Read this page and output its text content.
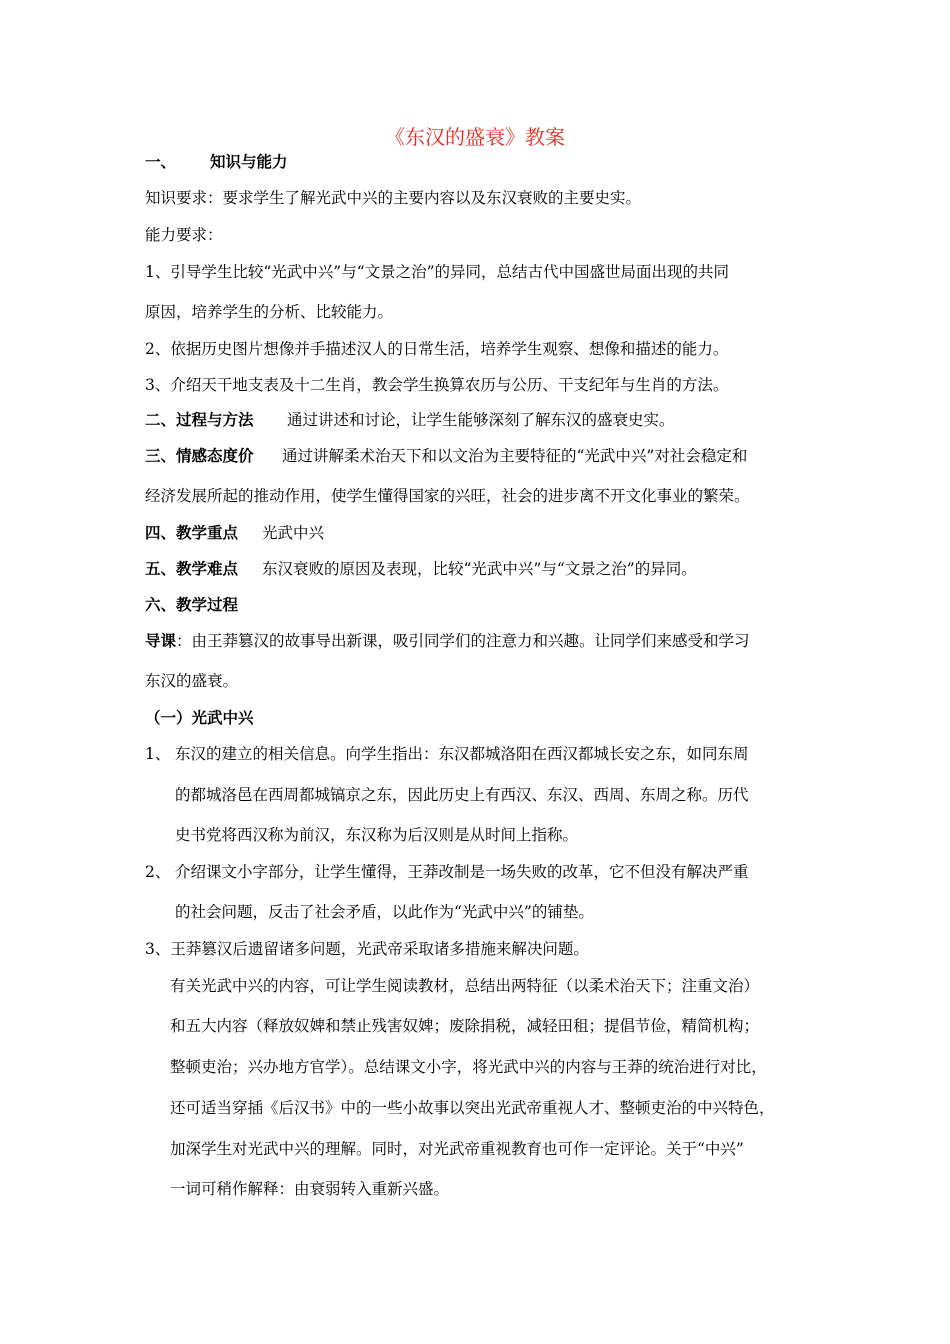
《东汉的盛衰》教案
一、 知识与能力
知识要求：要求学生了解光武中兴的主要内容以及东汉衰败的主要史实。
能力要求：
1、引导学生比较“光武中兴”与“文景之治”的异同，总结古代中国盛世局面出现的共同
原因，培养学生的分析、比较能力。
2、依据历史图片想像并手描述汉人的日常生活，培养学生观察、想像和描述的能力。
3、介绍天干地支表及十二生肖，教会学生换算农历与公历、干支纪年与生肖的方法。
二、过程与方法 通过讲述和讨论，让学生能够深刻了解东汉的盛衰史实。
三、情感态度价 通过讲解柔术治天下和以文治为主要特征的“光武中兴”对社会稳定和
经济发展所起的推动作用，使学生懂得国家的兴旺，社会的进步离不开文化事业的繁荣。
四、教学重点 光武中兴
五、教学难点 东汉衰败的原因及表现，比较“光武中兴”与“文景之治”的异同。
六、教学过程
导课：由王莽篡汉的故事导出新课，吸引同学们的注意力和兴趣。让同学们来感受和学习
东汉的盛衰。
（一）光武中兴
1、 东汉的建立的相关信息。向学生指出：东汉都城洛阳在西汉都城长安之东，如同东周
的都城洛邑在西周都城镐京之东，因此历史上有西汉、东汉、西周、东周之称。历代
史书党将西汉称为前汉，东汉称为后汉则是从时间上指称。
2、 介绍课文小字部分，让学生懂得，王莽改制是一场失败的改革，它不但没有解决严重
的社会问题，反击了社会矛盾，以此作为“光武中兴”的铺垫。
3、王莽篡汉后遗留诸多问题，光武帝采取诸多措施来解决问题。
有关光武中兴的内容，可让学生阅读教材，总结出两特征（以柔术治天下；注重文治）
和五大内容（释放奴婢和禁止残害奴婢；废除捐税，减轻田租；提倡节俭，精简机构；
整顿吏治；兴办地方官学）。总结课文小字，将光武中兴的内容与王莽的统治进行对比，
还可适当穿插《后汉书》中的一些小故事以突出光武帝重视人才、整顿吏治的中兴特色，
加深学生对光武中兴的理解。同时，对光武帝重视教育也可作一定评论。关于“中兴”
一词可稍作解释：由衰弱转入重新兴盛。
